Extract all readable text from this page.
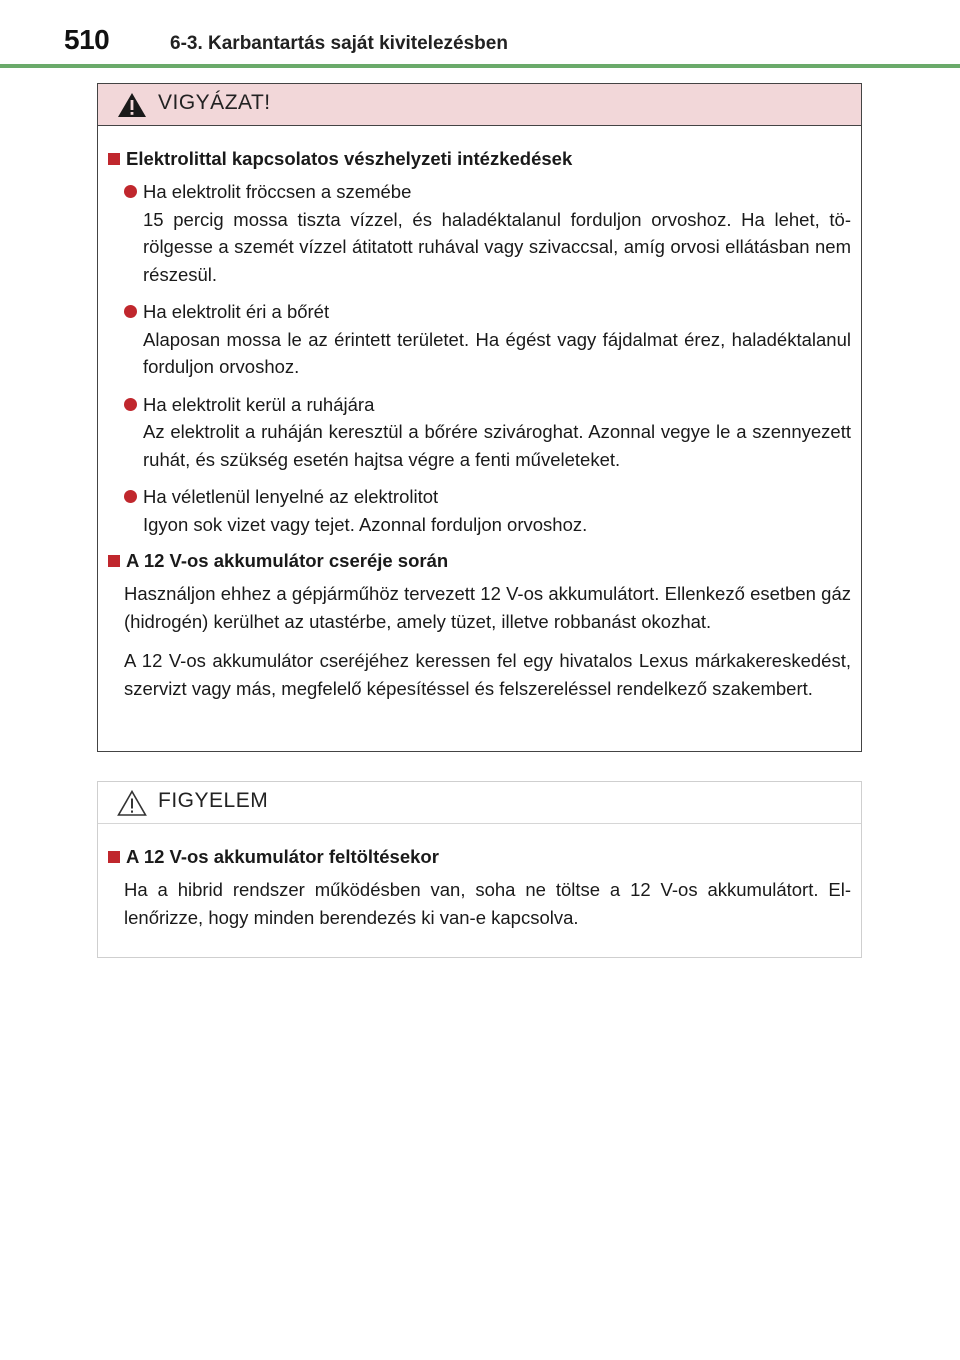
510	6-3. Karbantartás saját kivitelezésben
VIGYÁZAT!
Elektrolittal kapcsolatos vészhelyzeti intézkedések
Ha elektrolit fröccsen a szemébe
15 percig mossa tiszta vízzel, és haladéktalanul forduljon orvoshoz. Ha lehet, törölgesse a szemét vízzel átitatott ruhával vagy szivaccsal, amíg orvosi ellátásban nem részesül.
Ha elektrolit éri a bőrét
Alaposan mossa le az érintett területet. Ha égést vagy fájdalmat érez, haladéktalanul forduljon orvoshoz.
Ha elektrolit kerül a ruhájára
Az elektrolit a ruháján keresztül a bőrére szivároghat. Azonnal vegye le a szennyezett ruhát, és szükség esetén hajtsa végre a fenti műveleteket.
Ha véletlenül lenyelné az elektrolitot
Igyon sok vizet vagy tejet. Azonnal forduljon orvoshoz.
A 12 V-os akkumulátor cseréje során
Használjon ehhez a gépjárműhöz tervezett 12 V-os akkumulátort. Ellenkező esetben gáz (hidrogén) kerülhet az utastérbe, amely tüzet, illetve robbanást okozhat.
A 12 V-os akkumulátor cseréjéhez keressen fel egy hivatalos Lexus márkakereskedést, szervizt vagy más, megfelelő képesítéssel és felszereléssel rendelkező szakembert.
FIGYELEM
A 12 V-os akkumulátor feltöltésekor
Ha a hibrid rendszer működésben van, soha ne töltse a 12 V-os akkumulátort. Ellenőrizze, hogy minden berendezés ki van-e kapcsolva.
